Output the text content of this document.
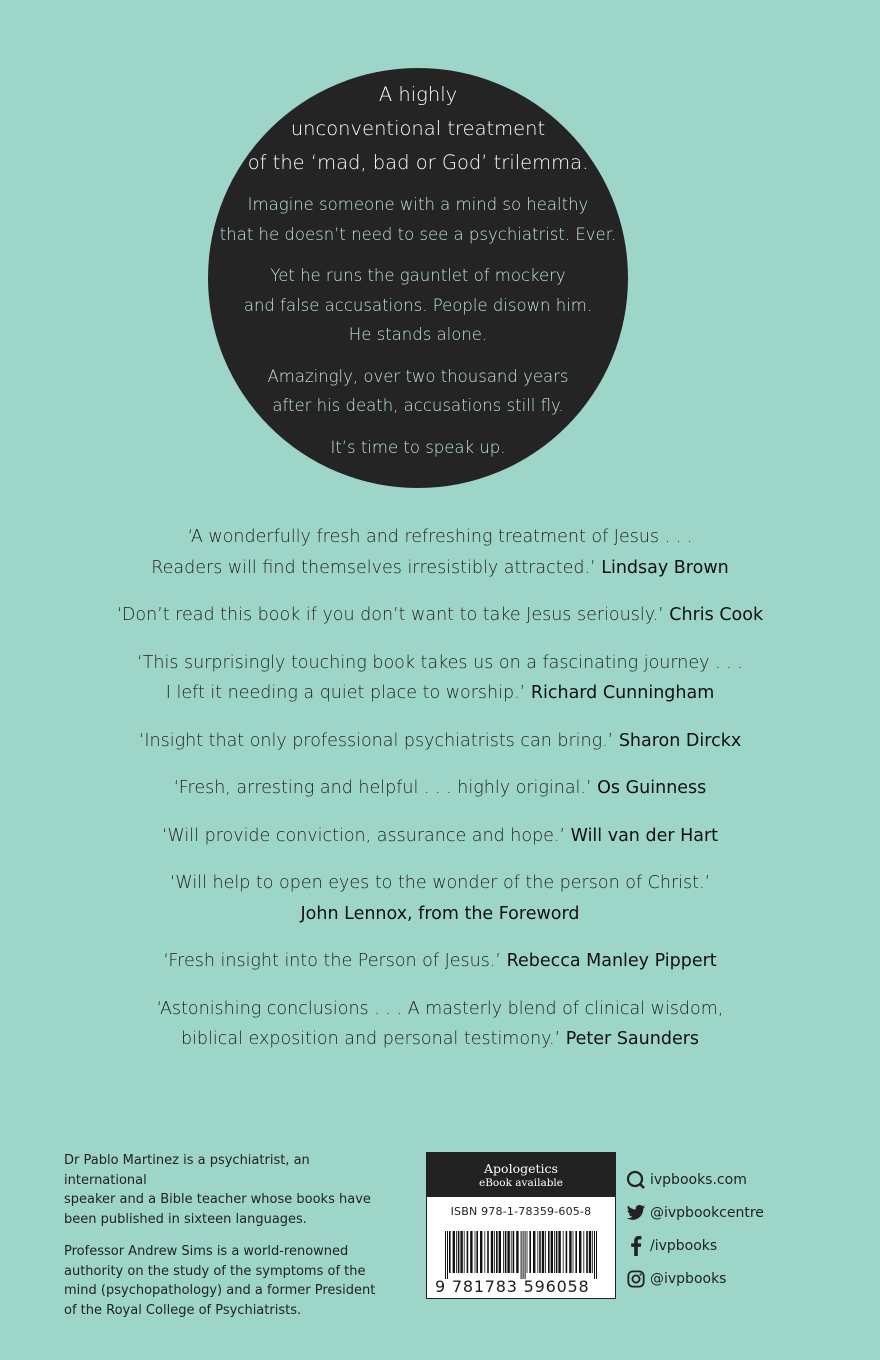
A highly
unconventional treatment
of the ‘mad, bad or God’ trilemma.

Imagine someone with a mind so healthy
that he doesn’t need to see a psychiatrist. Ever.

Yet he runs the gauntlet of mockery
and false accusations. People disown him.
He stands alone.

Amazingly, over two thousand years
after his death, accusations still fly.

It’s time to speak up.

‘A wonderfully fresh and refreshing treatment of Jesus . . .
Readers will find themselves irresistibly attracted.’ Lindsay Brown

‘Don’t read this book if you don’t want to take Jesus seriously.’ Chris Cook

‘This surprisingly touching book takes us on a fascinating journey . . .
I left it needing a quiet place to worship.’ Richard Cunningham

‘Insight that only professional psychiatrists can bring.’ Sharon Dirckx

‘Fresh, arresting and helpful . . . highly original.’ Os Guinness

‘Will provide conviction, assurance and hope.’ Will van der Hart

‘Will help to open eyes to the wonder of the person of Christ.’
John Lennox, from the Foreword

‘Fresh insight into the Person of Jesus.’ Rebecca Manley Pippert

‘Astonishing conclusions . . . A masterly blend of clinical wisdom,
biblical exposition and personal testimony.’ Peter Saunders

Dr Pablo Martinez is a psychiatrist, an international
speaker and a Bible teacher whose books have
been published in sixteen languages.

Professor Andrew Sims is a world-renowned
authority on the study of the symptoms of the
mind (psychopathology) and a former President
of the Royal College of Psychiatrists.

Apologetics
eBook available
ISBN 978-1-78359-605-8
9 781783 596058
ivpbooks.com
@ivpbookcentre
/ivpbooks
@ivpbooks
